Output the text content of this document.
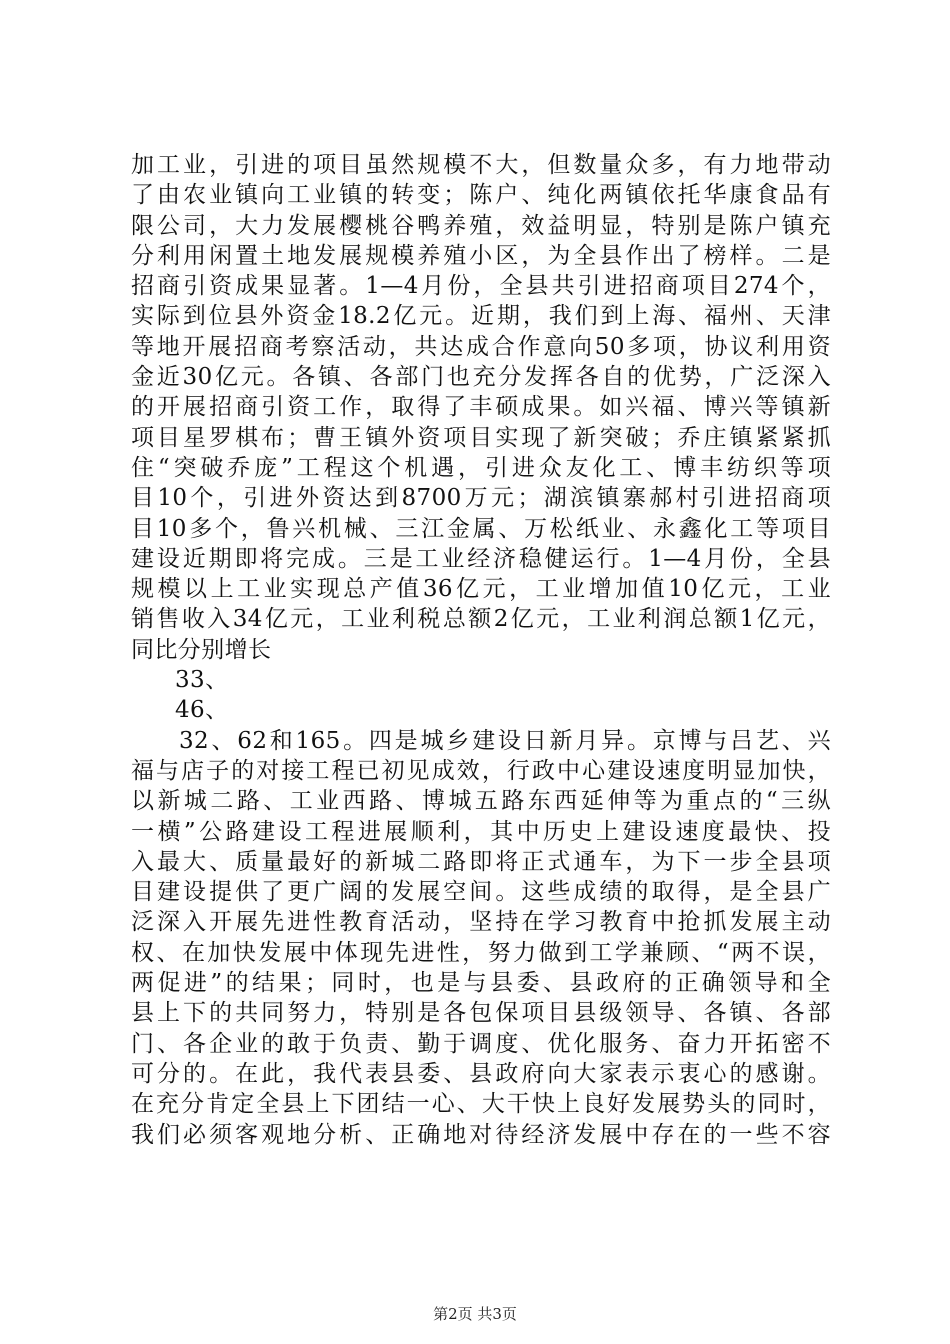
加工业，引进的项目虽然规模不大，但数量众多，有力地带动
了由农业镇向工业镇的转变；陈户、纯化两镇依托华康食品有
限公司，大力发展樱桃谷鸭养殖，效益明显，特别是陈户镇充
分利用闲置土地发展规模养殖小区，为全县作出了榜样。二是
招商引资成果显著。1—4月份，全县共引进招商项目274个，
实际到位县外资金18.2亿元。近期，我们到上海、福州、天津
等地开展招商考察活动，共达成合作意向50多项，协议利用资
金近30亿元。各镇、各部门也充分发挥各自的优势，广泛深入
的开展招商引资工作，取得了丰硕成果。如兴福、博兴等镇新
项目星罗棋布；曹王镇外资项目实现了新突破；乔庄镇紧紧抓
住“突破乔庞”工程这个机遇，引进众友化工、博丰纺织等项
目10个，引进外资达到8700万元；湖滨镇寨郝村引进招商项
目10多个，鲁兴机械、三江金属、万松纸业、永鑫化工等项目
建设近期即将完成。三是工业经济稳健运行。1—4月份，全县
规模以上工业实现总产值36亿元，工业增加值10亿元，工业
销售收入34亿元，工业利税总额2亿元，工业利润总额1亿元，
同比分别增长
33、
46、
32、62和165。四是城乡建设日新月异。京博与吕艺、兴
福与店子的对接工程已初见成效，行政中心建设速度明显加快，
以新城二路、工业西路、博城五路东西延伸等为重点的“三纵
一横”公路建设工程进展顺利，其中历史上建设速度最快、投
入最大、质量最好的新城二路即将正式通车，为下一步全县项
目建设提供了更广阔的发展空间。这些成绩的取得，是全县广
泛深入开展先进性教育活动，坚持在学习教育中抢抓发展主动
权、在加快发展中体现先进性，努力做到工学兼顾、“两不误，
两促进”的结果；同时，也是与县委、县政府的正确领导和全
县上下的共同努力，特别是各包保项目县级领导、各镇、各部
门、各企业的敢于负责、勤于调度、优化服务、奋力开拓密不
可分的。在此，我代表县委、县政府向大家表示衷心的感谢。
在充分肯定全县上下团结一心、大干快上良好发展势头的同时，
我们必须客观地分析、正确地对待经济发展中存在的一些不容
第2页 共3页
